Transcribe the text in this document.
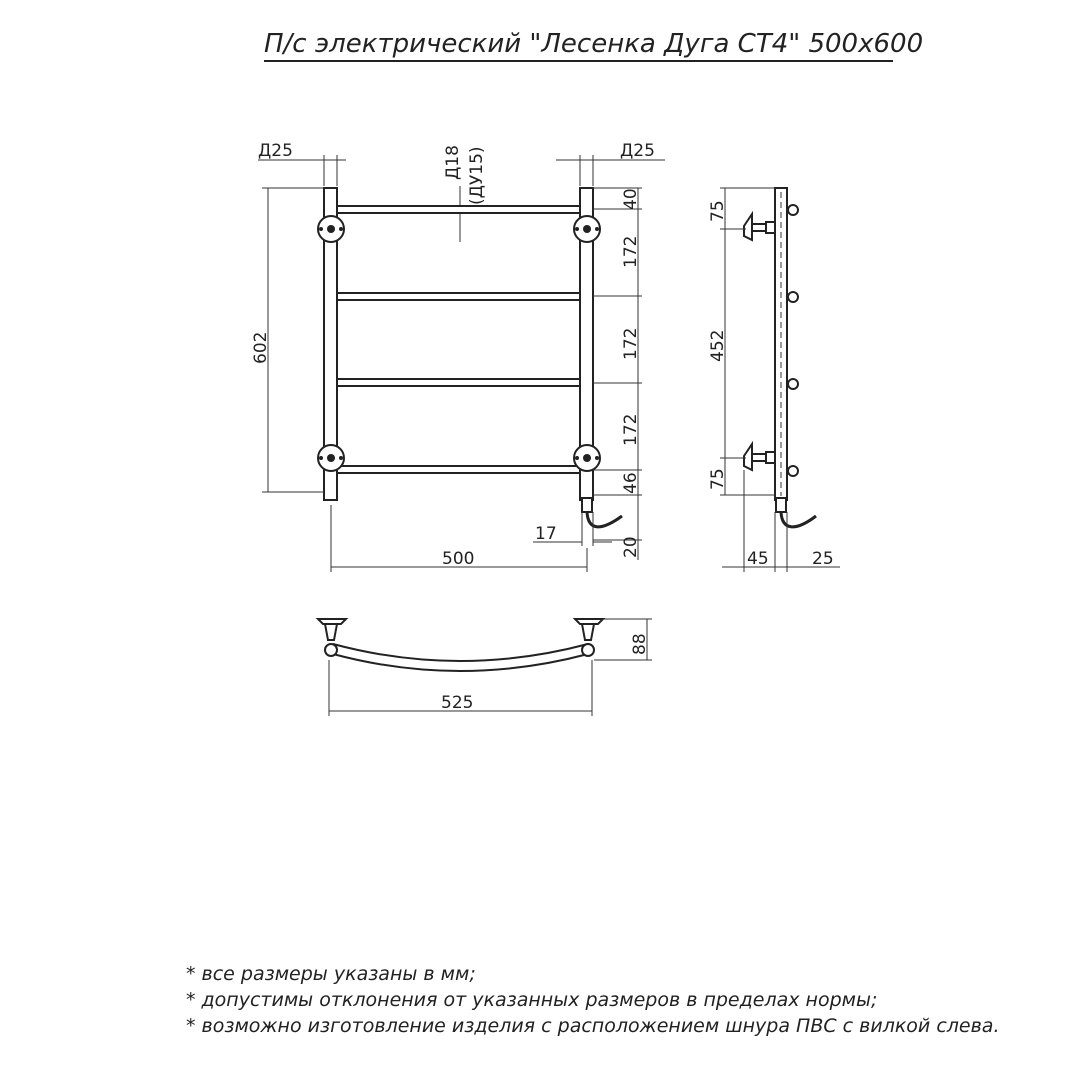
П/с электрический "Лесенка Дуга СТ4" 500x600
Д25	Д25
Д18 (ДУ15)
602
40
172
172
172
46
20
17
500
75
452
75
45	25
88
525
* все размеры указаны в мм;
* допустимы отклонения от указанных размеров в пределах нормы;
* возможно изготовление изделия с расположением шнура ПВС с вилкой слева.
